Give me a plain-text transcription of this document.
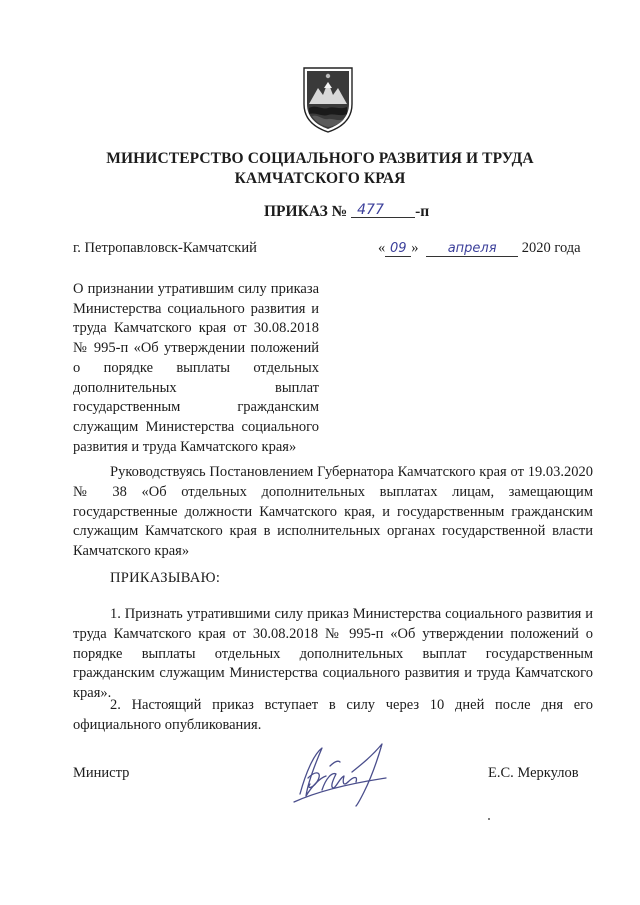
МИНИСТЕРСТВО СОЦИАЛЬНОГО РАЗВИТИЯ И ТРУДА
КАМЧАТСКОГО КРАЯ
ПРИКАЗ № 477 -п
г. Петропавловск-Камчатский	« 09 » апреля 2020 года
О признании утратившим силу приказа Министерства социального развития и труда Камчатского края от 30.08.2018 № 995-п «Об утверждении положений о порядке выплаты отдельных дополнительных выплат государственным гражданским служащим Министерства социального развития и труда Камчатского края»
Руководствуясь Постановлением Губернатора Камчатского края от 19.03.2020 № 38 «Об отдельных дополнительных выплатах лицам, замещающим государственные должности Камчатского края, и государственным гражданским служащим Камчатского края в исполнительных органах государственной власти Камчатского края»
ПРИКАЗЫВАЮ:
1. Признать утратившими силу приказ Министерства социального развития и труда Камчатского края от 30.08.2018 № 995-п «Об утверждении положений о порядке выплаты отдельных дополнительных выплат государственным гражданским служащим Министерства социального развития и труда Камчатского края».
2. Настоящий приказ вступает в силу через 10 дней после дня его официального опубликования.
Министр	Е.С. Меркулов
